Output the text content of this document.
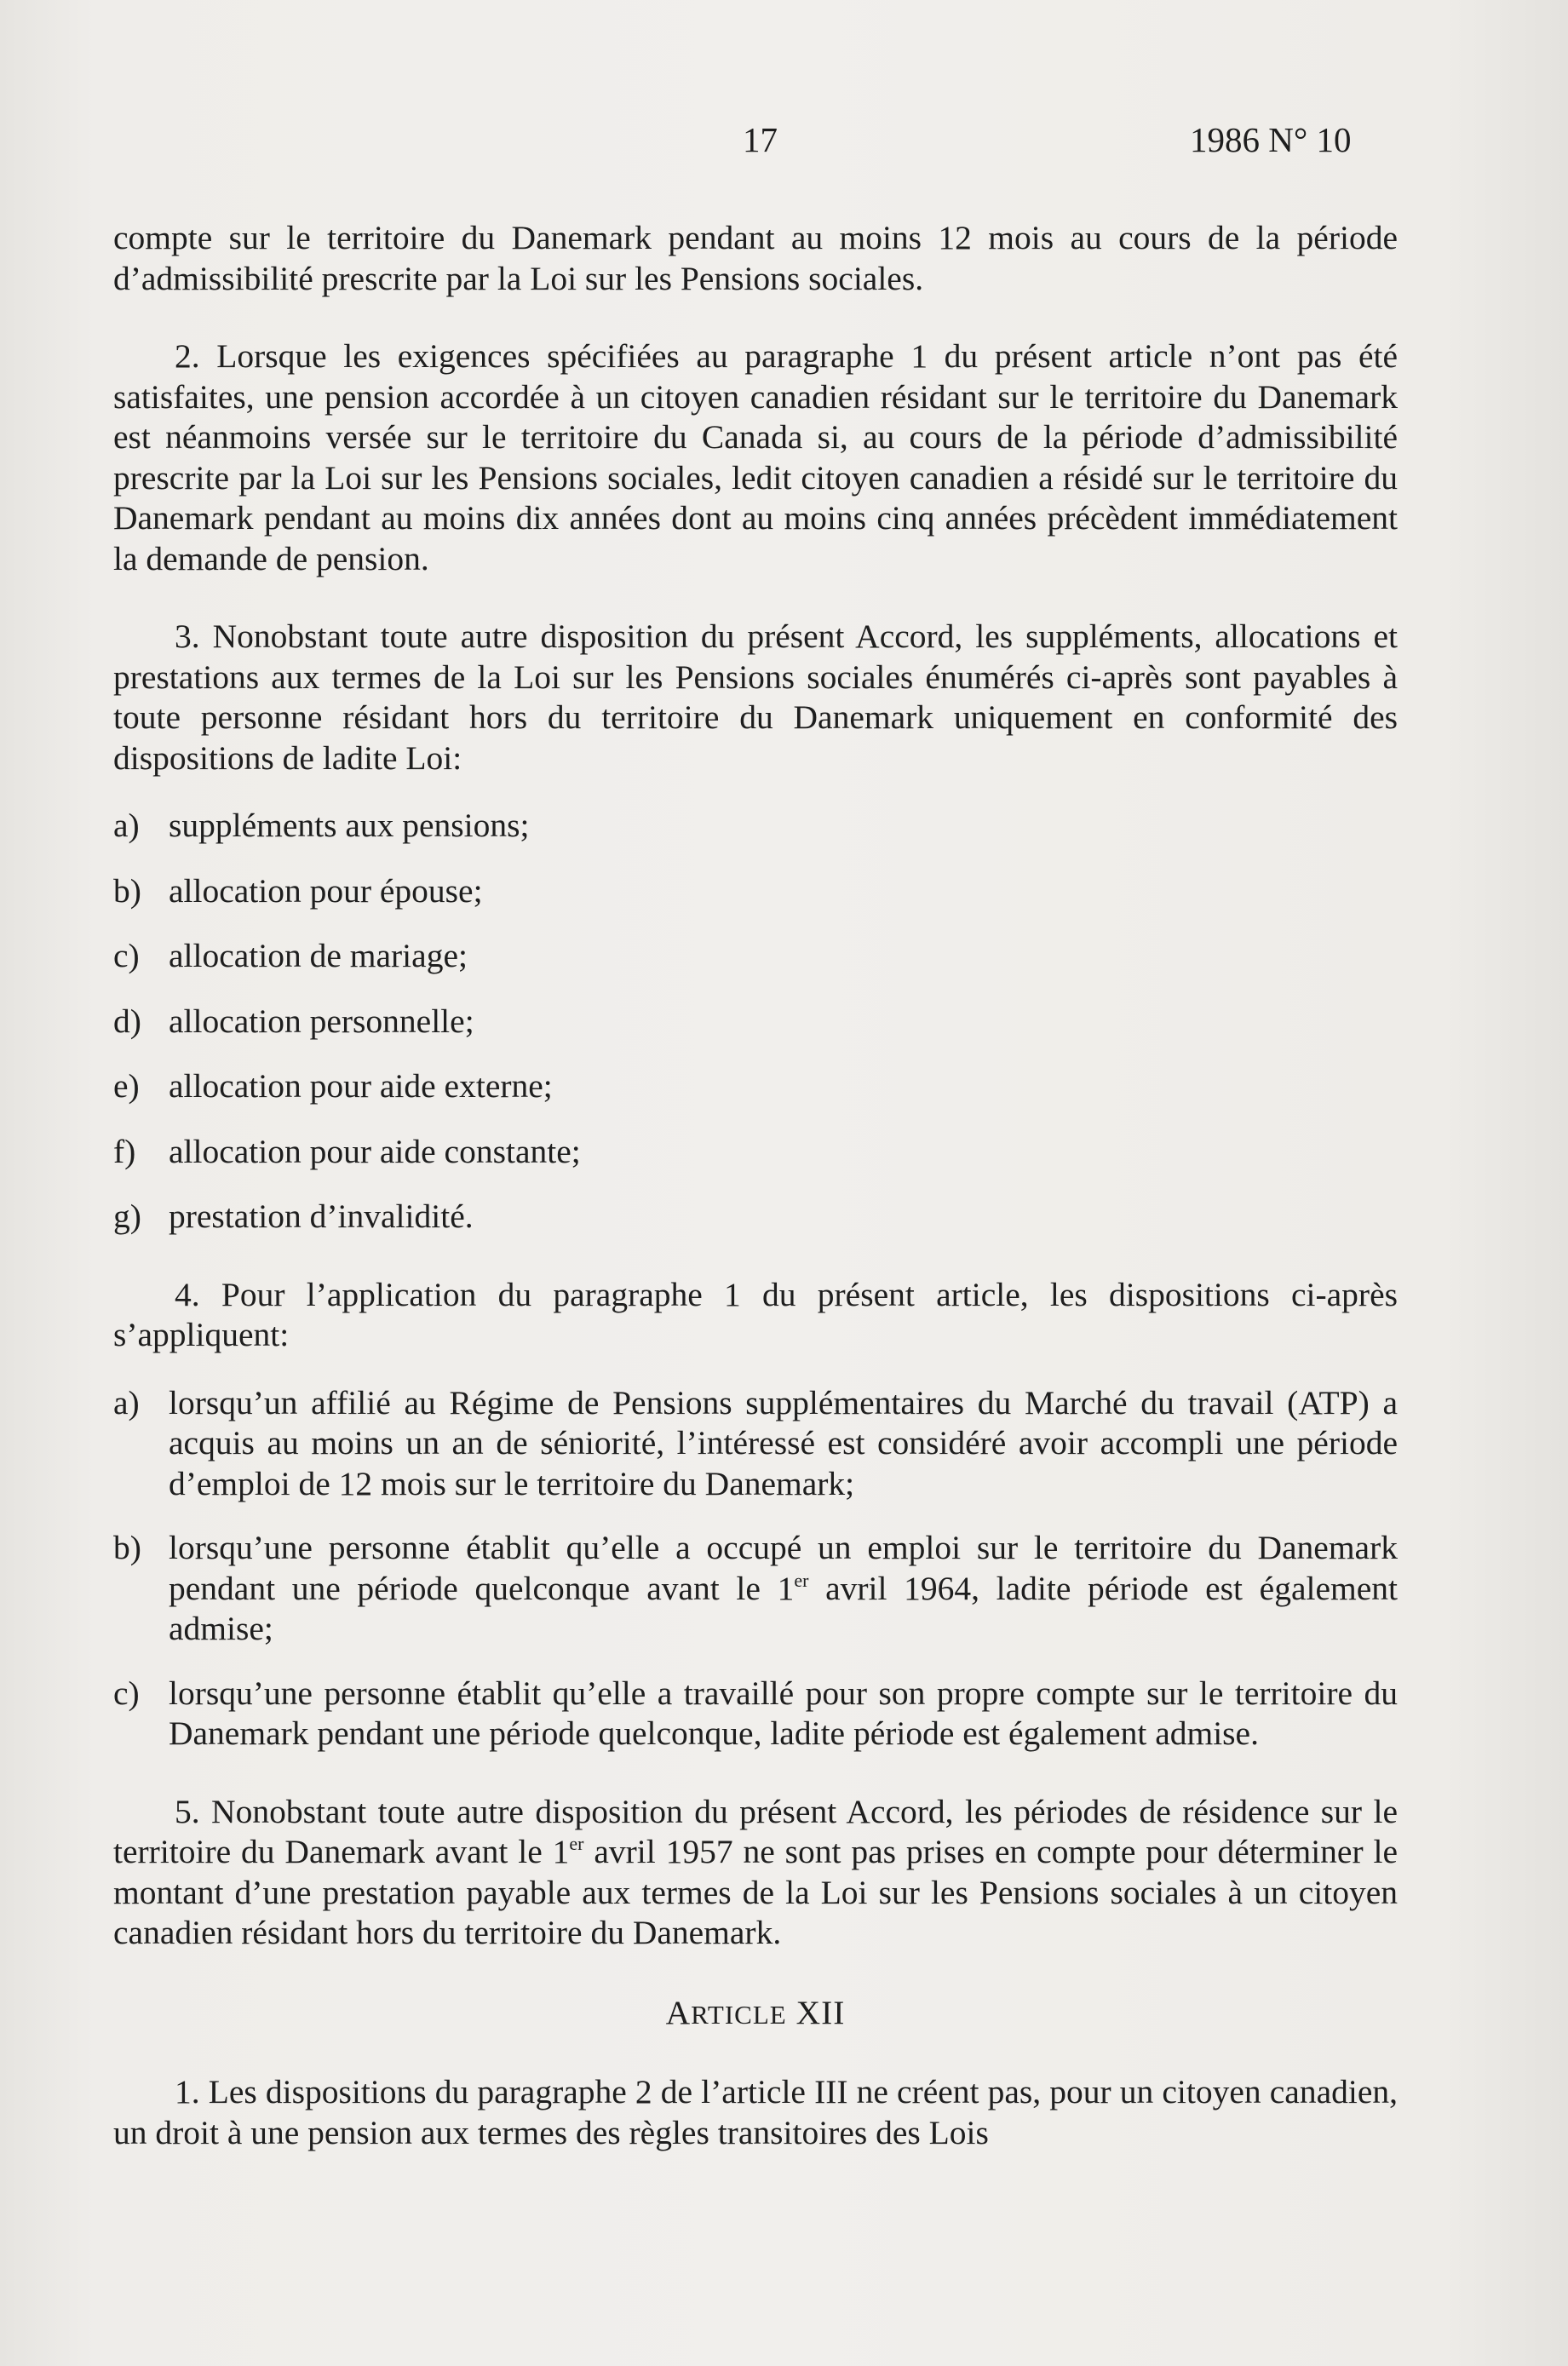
17	1986 N° 10

compte sur le territoire du Danemark pendant au moins 12 mois au cours de la période d’admissibilité prescrite par la Loi sur les Pensions sociales.

2. Lorsque les exigences spécifiées au paragraphe 1 du présent article n’ont pas été satisfaites, une pension accordée à un citoyen canadien résidant sur le territoire du Danemark est néanmoins versée sur le territoire du Canada si, au cours de la période d’admissibilité prescrite par la Loi sur les Pensions sociales, ledit citoyen canadien a résidé sur le territoire du Danemark pendant au moins dix années dont au moins cinq années précèdent immédiatement la demande de pension.

3. Nonobstant toute autre disposition du présent Accord, les suppléments, allocations et prestations aux termes de la Loi sur les Pensions sociales énumérés ci-après sont payables à toute personne résidant hors du territoire du Danemark uniquement en conformité des dispositions de ladite Loi:

a) suppléments aux pensions;
b) allocation pour épouse;
c) allocation de mariage;
d) allocation personnelle;
e) allocation pour aide externe;
f) allocation pour aide constante;
g) prestation d’invalidité.

4. Pour l’application du paragraphe 1 du présent article, les dispositions ci-après s’appliquent:

a) lorsqu’un affilié au Régime de Pensions supplémentaires du Marché du travail (ATP) a acquis au moins un an de séniorité, l’intéressé est considéré avoir accompli une période d’emploi de 12 mois sur le territoire du Danemark;
b) lorsqu’une personne établit qu’elle a occupé un emploi sur le territoire du Danemark pendant une période quelconque avant le 1er avril 1964, ladite période est également admise;
c) lorsqu’une personne établit qu’elle a travaillé pour son propre compte sur le territoire du Danemark pendant une période quelconque, ladite période est également admise.

5. Nonobstant toute autre disposition du présent Accord, les périodes de résidence sur le territoire du Danemark avant le 1er avril 1957 ne sont pas prises en compte pour déterminer le montant d’une prestation payable aux termes de la Loi sur les Pensions sociales à un citoyen canadien résidant hors du territoire du Danemark.

ARTICLE XII

1. Les dispositions du paragraphe 2 de l’article III ne créent pas, pour un citoyen canadien, un droit à une pension aux termes des règles transitoires des Lois
